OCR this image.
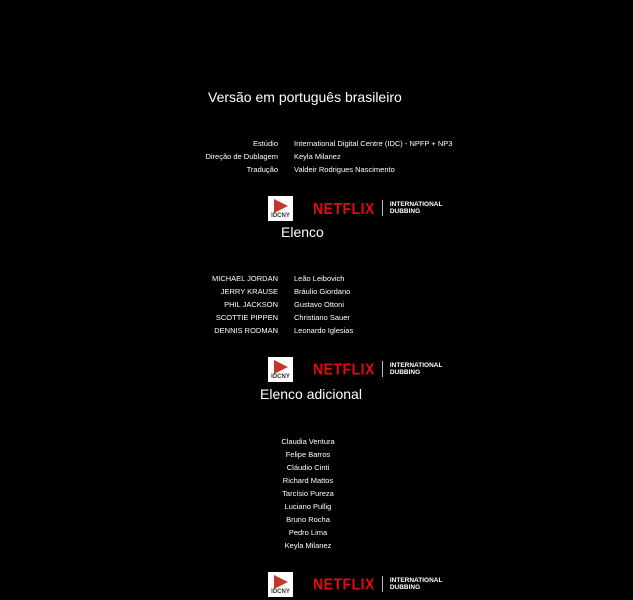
Versão em português brasileiro
Estúdio	International Digital Centre (IDC) - NPFP + NP3
Direção de Dublagem	Keyla Milanez
Tradução	Valdeir Rodrigues Nascimento
IDCNY NETFLIX INTERNATIONAL
DUBBING
Elenco
MICHAEL JORDAN	Leão Leibovich
JERRY KRAUSE	Bráulio Giordano
PHIL JACKSON	Gustavo Ottoni
SCOTTIE PIPPEN	Christiano Sauer
DENNIS RODMAN	Leonardo Iglesias
IDCNY NETFLIX INTERNATIONAL
DUBBING
Elenco adicional
Claudia Ventura
Felipe Barros
Cláudio Cinti
Richard Mattos
Tarcísio Pureza
Luciano Pullig
Bruno Rocha
Pedro Lima
Keyla Milanez
IDCNY NETFLIX INTERNATIONAL
DUBBING
